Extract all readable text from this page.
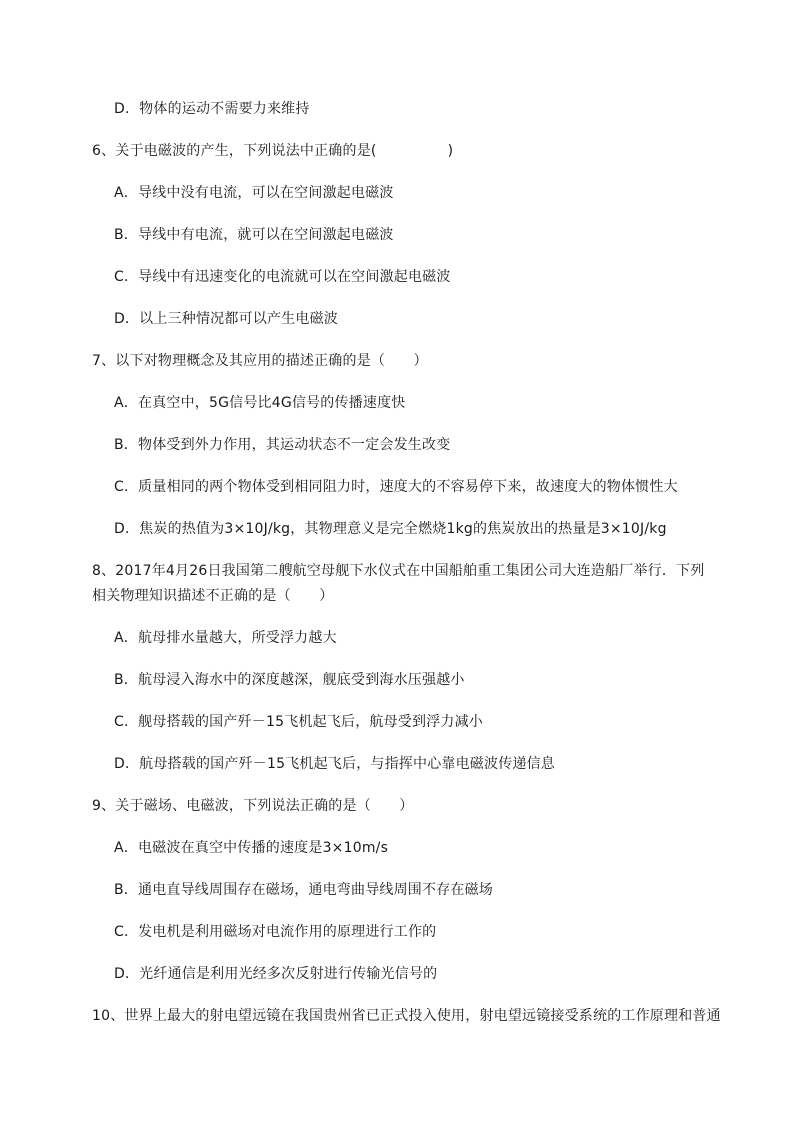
D．物体的运动不需要力来维持
6、关于电磁波的产生，下列说法中正确的是(　　　　　)
A．导线中没有电流，可以在空间激起电磁波
B．导线中有电流，就可以在空间激起电磁波
C．导线中有迅速变化的电流就可以在空间激起电磁波
D．以上三种情况都可以产生电磁波
7、以下对物理概念及其应用的描述正确的是（　　）
A．在真空中，5G信号比4G信号的传播速度快
B．物体受到外力作用，其运动状态不一定会发生改变
C．质量相同的两个物体受到相同阻力时，速度大的不容易停下来，故速度大的物体惯性大
D．焦炭的热值为3×10J/kg，其物理意义是完全燃烧1kg的焦炭放出的热量是3×10J/kg
8、2017年4月26日我国第二艘航空母舰下水仪式在中国船舶重工集团公司大连造船厂举行．下列
相关物理知识描述不正确的是（　　）
A．航母排水量越大，所受浮力越大
B．航母浸入海水中的深度越深，舰底受到海水压强越小
C．舰母搭载的国产歼－15飞机起飞后，航母受到浮力减小
D．航母搭载的国产歼－15飞机起飞后，与指挥中心靠电磁波传递信息
9、关于磁场、电磁波，下列说法正确的是（　　）
A．电磁波在真空中传播的速度是3×10m/s
B．通电直导线周围存在磁场，通电弯曲导线周围不存在磁场
C．发电机是利用磁场对电流作用的原理进行工作的
D．光纤通信是利用光经多次反射进行传输光信号的
10、世界上最大的射电望远镜在我国贵州省已正式投入使用，射电望远镜接受系统的工作原理和普通
